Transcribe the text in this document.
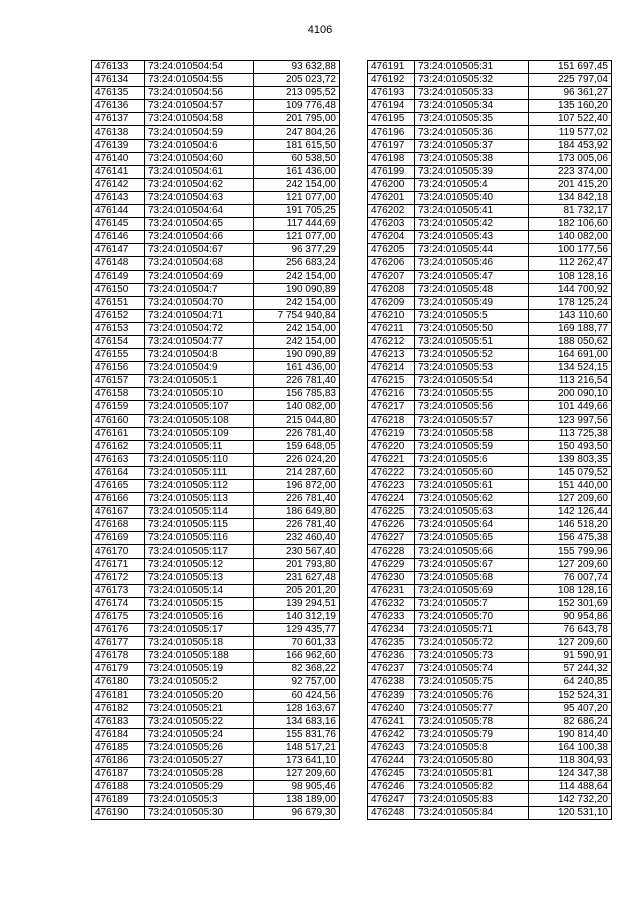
4106
476133	73:24:010504:54	93 632,88
476134	73:24:010504:55	205 023,72
476135	73:24:010504:56	213 095,52
476136	73:24:010504:57	109 776,48
476137	73:24:010504:58	201 795,00
476138	73:24:010504:59	247 804,26
476139	73:24:010504:6	181 615,50
476140	73:24:010504:60	60 538,50
476141	73:24:010504:61	161 436,00
476142	73:24:010504:62	242 154,00
476143	73:24:010504:63	121 077,00
476144	73:24:010504:64	191 705,25
476145	73:24:010504:65	117 444,69
476146	73:24:010504:66	121 077,00
476147	73:24:010504:67	96 377,29
476148	73:24:010504:68	256 683,24
476149	73:24:010504:69	242 154,00
476150	73:24:010504:7	190 090,89
476151	73:24:010504:70	242 154,00
476152	73:24:010504:71	7 754 940,84
476153	73:24:010504:72	242 154,00
476154	73:24:010504:77	242 154,00
476155	73:24:010504:8	190 090,89
476156	73:24:010504:9	161 436,00
476157	73:24:010505:1	226 781,40
476158	73:24:010505:10	156 785,83
476159	73:24:010505:107	140 082,00
476160	73:24:010505:108	215 044,80
476161	73:24:010505:109	226 781,40
476162	73:24:010505:11	159 648,05
476163	73:24:010505:110	226 024,20
476164	73:24:010505:111	214 287,60
476165	73:24:010505:112	196 872,00
476166	73:24:010505:113	226 781,40
476167	73:24:010505:114	186 649,80
476168	73:24:010505:115	226 781,40
476169	73:24:010505:116	232 460,40
476170	73:24:010505:117	230 567,40
476171	73:24:010505:12	201 793,80
476172	73:24:010505:13	231 627,48
476173	73:24:010505:14	205 201,20
476174	73:24:010505:15	139 294,51
476175	73:24:010505:16	140 312,19
476176	73:24:010505:17	129 435,77
476177	73:24:010505:18	70 601,33
476178	73:24:010505:188	166 962,60
476179	73:24:010505:19	82 368,22
476180	73:24:010505:2	92 757,00
476181	73:24:010505:20	60 424,56
476182	73:24:010505:21	128 163,67
476183	73:24:010505:22	134 683,16
476184	73:24:010505:24	155 831,76
476185	73:24:010505:26	148 517,21
476186	73:24:010505:27	173 641,10
476187	73:24:010505:28	127 209,60
476188	73:24:010505:29	98 905,46
476189	73:24:010505:3	138 189,00
476190	73:24:010505:30	96 679,30
476191	73:24:010505:31	151 697,45
476192	73:24:010505:32	225 797,04
476193	73:24:010505:33	96 361,27
476194	73:24:010505:34	135 160,20
476195	73:24:010505:35	107 522,40
476196	73:24:010505:36	119 577,02
476197	73:24:010505:37	184 453,92
476198	73:24:010505:38	173 005,06
476199	73:24:010505:39	223 374,00
476200	73:24:010505:4	201 415,20
476201	73:24:010505:40	134 842,18
476202	73:24:010505:41	81 732,17
476203	73:24:010505:42	182 106,60
476204	73:24:010505:43	140 082,00
476205	73:24:010505:44	100 177,56
476206	73:24:010505:46	112 262,47
476207	73:24:010505:47	108 128,16
476208	73:24:010505:48	144 700,92
476209	73:24:010505:49	178 125,24
476210	73:24:010505:5	143 110,60
476211	73:24:010505:50	169 188,77
476212	73:24:010505:51	188 050,62
476213	73:24:010505:52	164 691,00
476214	73:24:010505:53	134 524,15
476215	73:24:010505:54	113 216,54
476216	73:24:010505:55	200 090,10
476217	73:24:010505:56	101 449,66
476218	73:24:010505:57	123 997,56
476219	73:24:010505:58	113 725,38
476220	73:24:010505:59	150 493,50
476221	73:24:010505:6	139 803,35
476222	73:24:010505:60	145 079,52
476223	73:24:010505:61	151 440,00
476224	73:24:010505:62	127 209,60
476225	73:24:010505:63	142 126,44
476226	73:24:010505:64	146 518,20
476227	73:24:010505:65	156 475,38
476228	73:24:010505:66	155 799,96
476229	73:24:010505:67	127 209,60
476230	73:24:010505:68	76 007,74
476231	73:24:010505:69	108 128,16
476232	73:24:010505:7	152 301,69
476233	73:24:010505:70	90 954,86
476234	73:24:010505:71	76 643,78
476235	73:24:010505:72	127 209,60
476236	73:24:010505:73	91 590,91
476237	73:24:010505:74	57 244,32
476238	73:24:010505:75	64 240,85
476239	73:24:010505:76	152 524,31
476240	73:24:010505:77	95 407,20
476241	73:24:010505:78	82 686,24
476242	73:24:010505:79	190 814,40
476243	73:24:010505:8	164 100,38
476244	73:24:010505:80	118 304,93
476245	73:24:010505:81	124 347,38
476246	73:24:010505:82	114 488,64
476247	73:24:010505:83	142 732,20
476248	73:24:010505:84	120 531,10
